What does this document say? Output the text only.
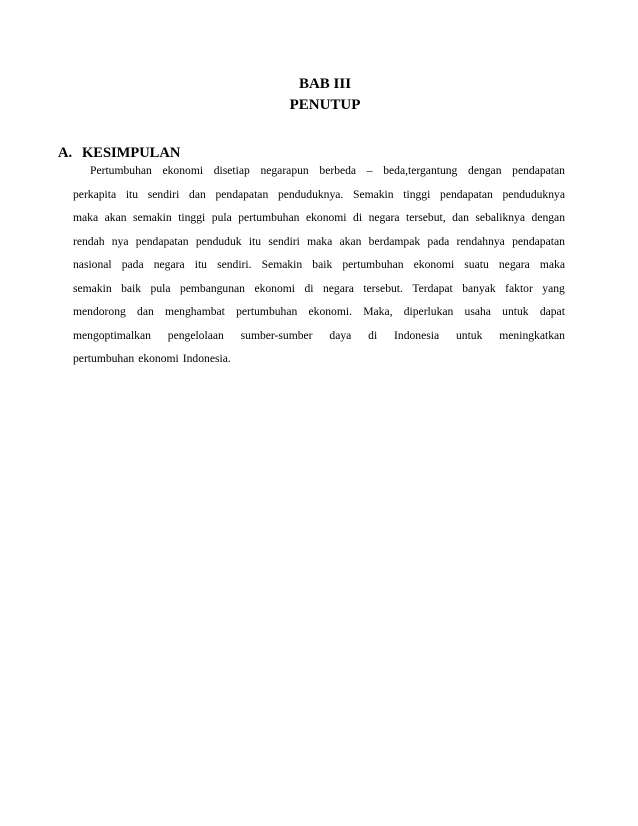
BAB III
PENUTUP
A. KESIMPULAN
Pertumbuhan ekonomi disetiap negarapun berbeda – beda,tergantung dengan pendapatan
perkapita itu sendiri dan pendapatan penduduknya. Semakin tinggi pendapatan penduduknya
maka akan semakin tinggi pula pertumbuhan ekonomi di negara tersebut, dan sebaliknya dengan
rendah nya pendapatan penduduk itu sendiri maka akan berdampak pada rendahnya pendapatan
nasional pada negara itu sendiri. Semakin baik pertumbuhan ekonomi suatu negara maka
semakin baik pula pembangunan ekonomi di negara tersebut. Terdapat banyak faktor yang
mendorong dan menghambat pertumbuhan ekonomi. Maka, diperlukan usaha untuk dapat
mengoptimalkan pengelolaan sumber-sumber daya di Indonesia untuk meningkatkan
pertumbuhan ekonomi Indonesia.
